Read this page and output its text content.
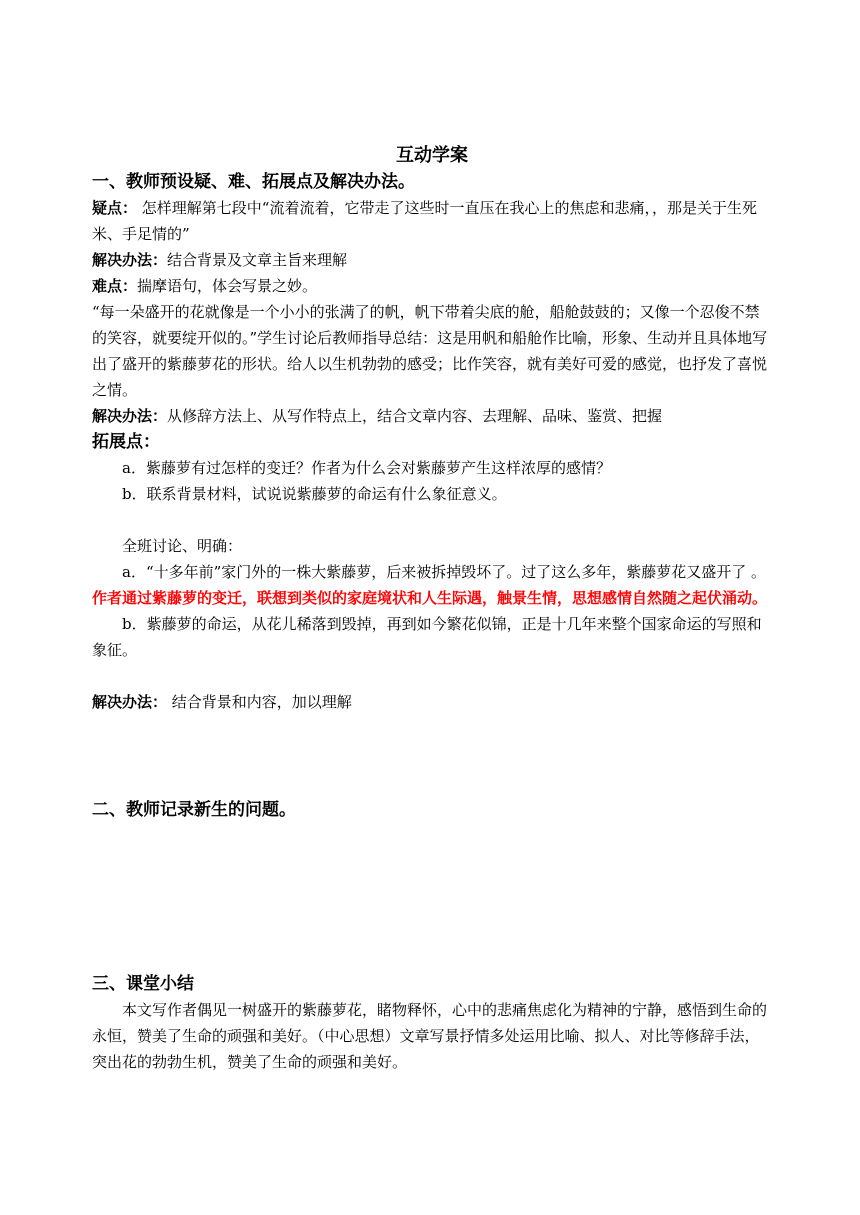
互动学案

一、教师预设疑、难、拓展点及解决办法。

疑点： 怎样理解第七段中“流着流着，它带走了这些时一直压在我心上的焦虑和悲痛，，那是关于生死米、手足情的”

解决办法：结合背景及文章主旨来理解

难点：揣摩语句，体会写景之妙。

“每一朵盛开的花就像是一个小小的张满了的帆，帆下带着尖底的舱，船舱鼓鼓的；又像一个忍俊不禁的笑容，就要绽开似的。”学生讨论后教师指导总结：这是用帆和船舱作比喻，形象、生动并且具体地写出了盛开的紫藤萝花的形状。给人以生机勃勃的感受；比作笑容，就有美好可爱的感觉，也抒发了喜悦之情。

解决办法：从修辞方法上、从写作特点上，结合文章内容、去理解、品味、鉴赏、把握

拓展点：

a．紫藤萝有过怎样的变迁？作者为什么会对紫藤萝产生这样浓厚的感情？

b．联系背景材料，试说说紫藤萝的命运有什么象征意义。

全班讨论、明确：

a．“十多年前”家门外的一株大紫藤萝，后来被拆掉毁坏了。过了这么多年，紫藤萝花又盛开了 。作者通过紫藤萝的变迁，联想到类似的家庭境状和人生际遇，触景生情，思想感情自然随之起伏涌动。

b．紫藤萝的命运，从花儿稀落到毁掉，再到如今繁花似锦，正是十几年来整个国家命运的写照和象征。

解决办法： 结合背景和内容，加以理解

二、教师记录新生的问题。

三、课堂小结

本文写作者偶见一树盛开的紫藤萝花，睹物释怀，心中的悲痛焦虑化为精神的宁静，感悟到生命的永恒，赞美了生命的顽强和美好。（中心思想）文章写景抒情多处运用比喻、拟人、对比等修辞手法，突出花的勃勃生机，赞美了生命的顽强和美好。
